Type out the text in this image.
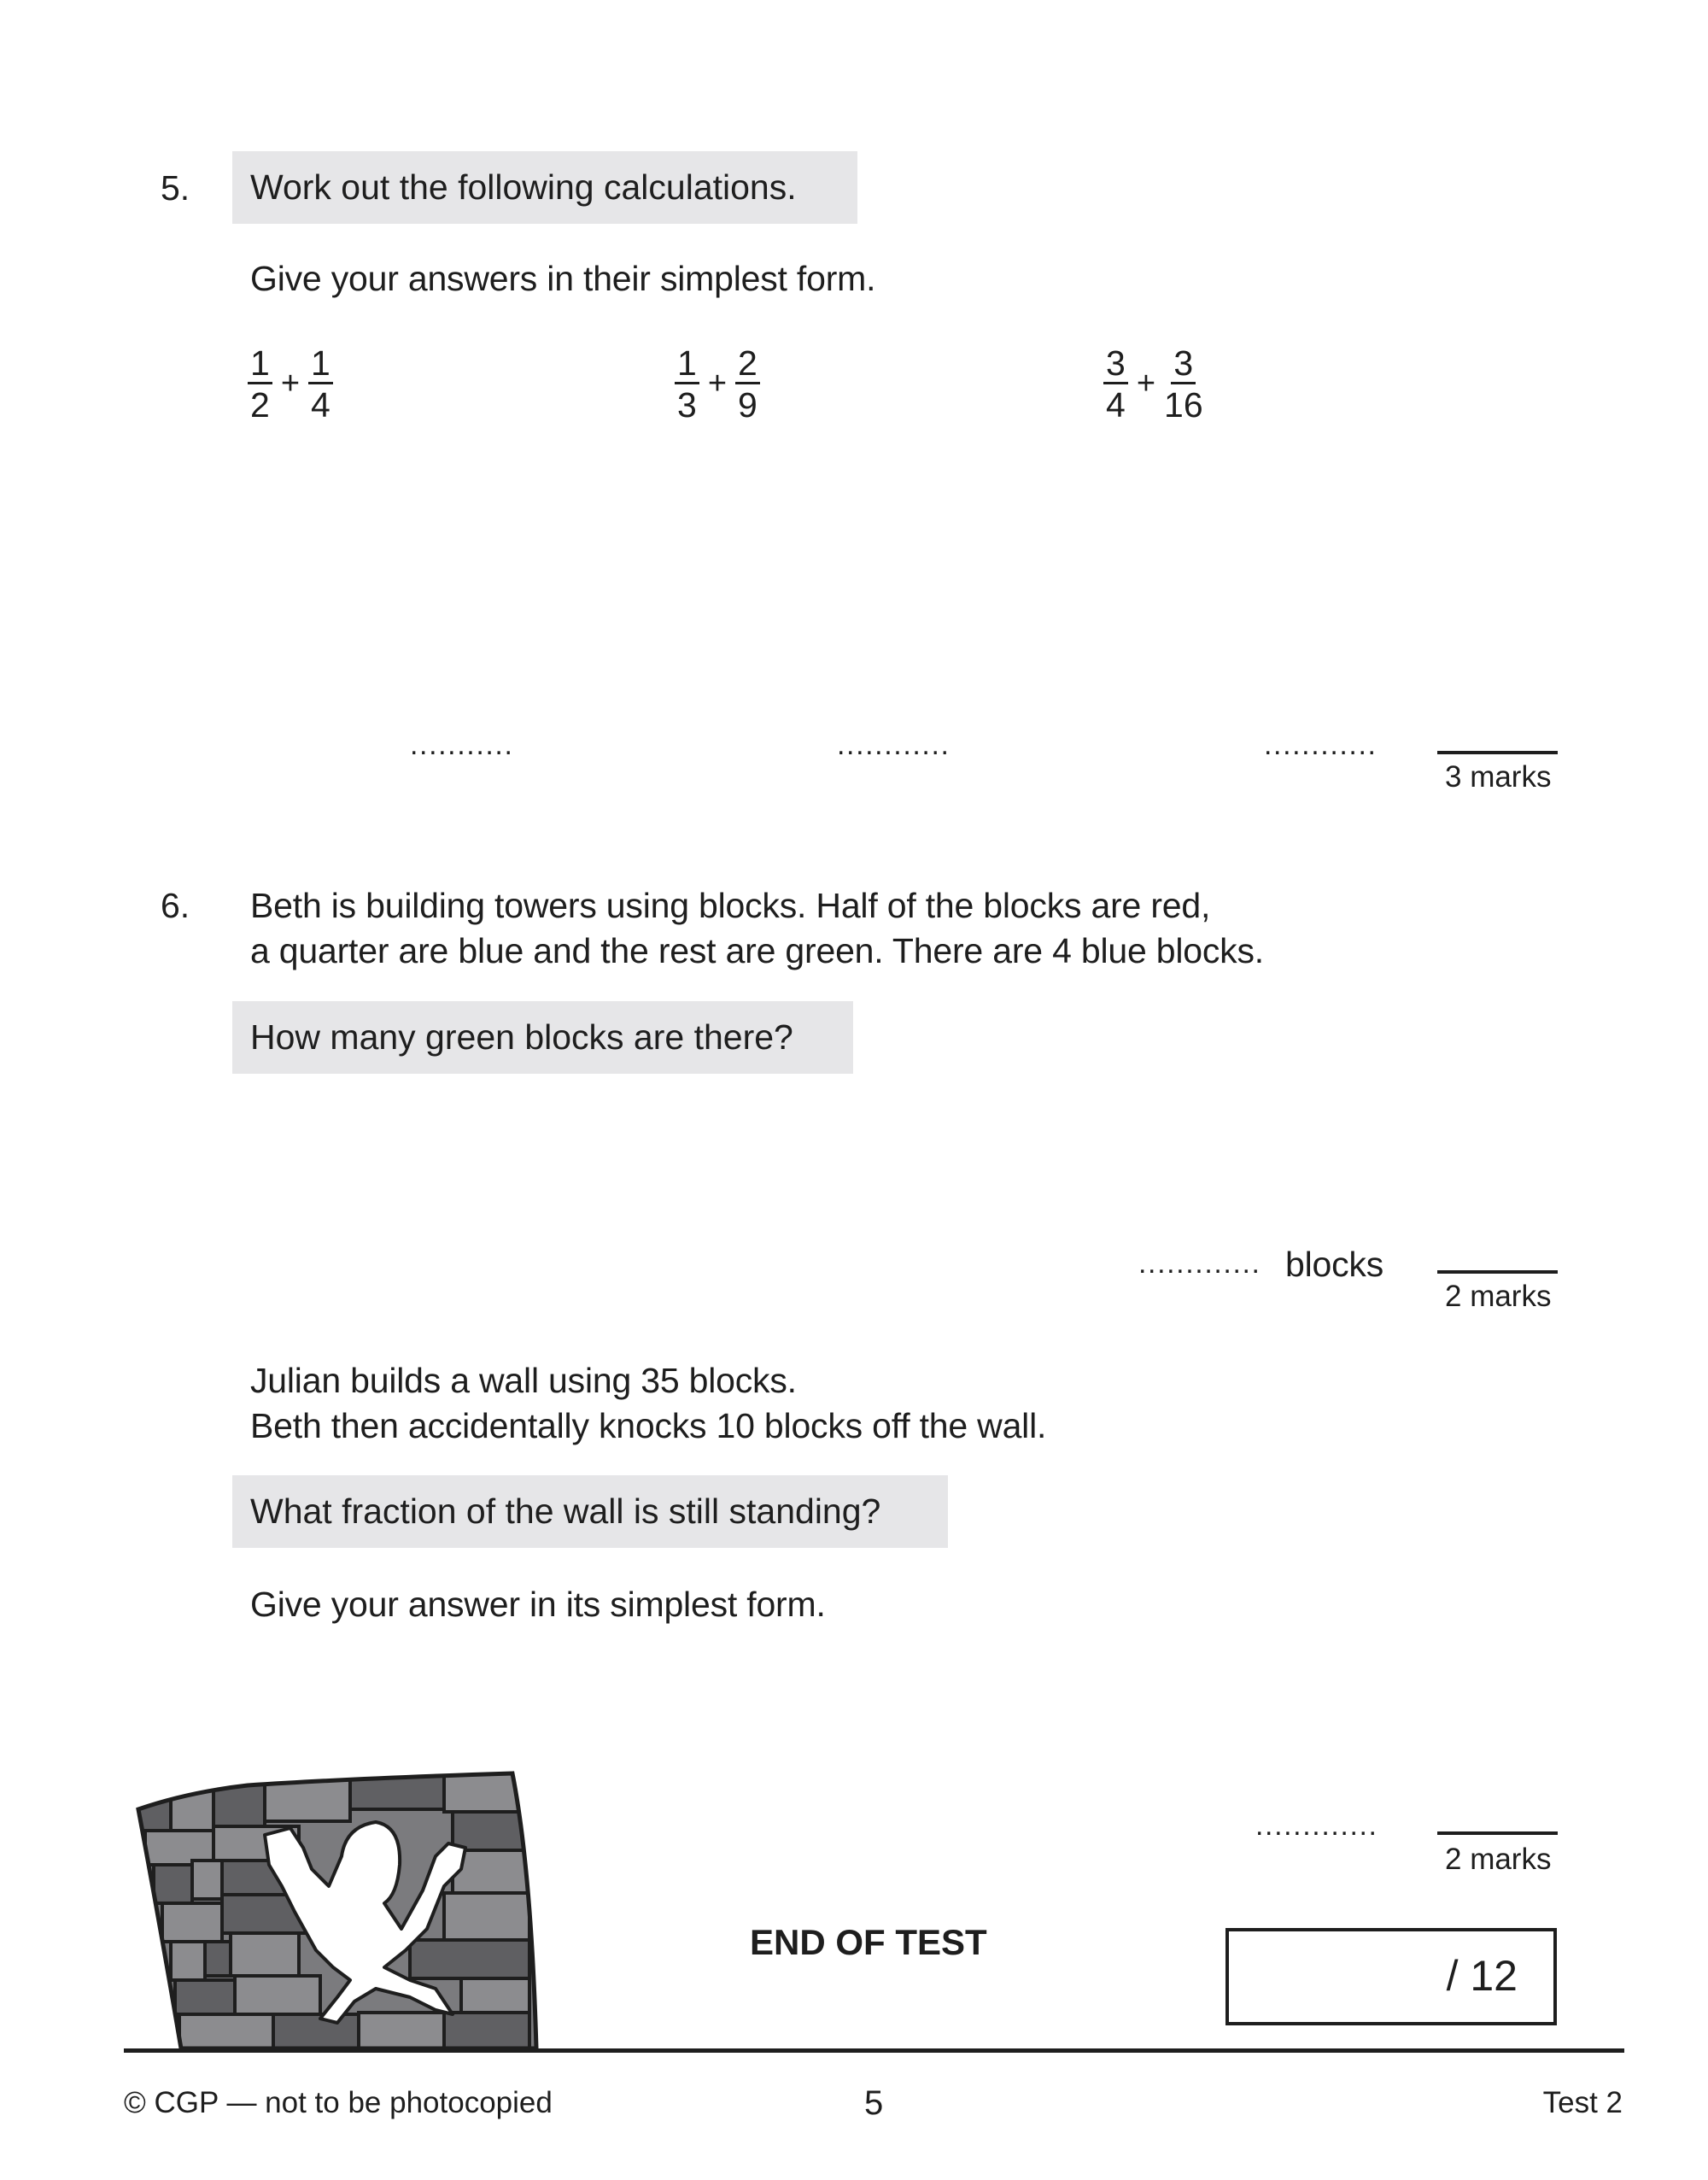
5. Work out the following calculations.
Give your answers in their simplest form.
$\frac{1}{2} + \frac{1}{4}$	$\frac{1}{3} + \frac{2}{9}$	$\frac{3}{4} + \frac{3}{16}$
...........	............	............
3 marks
6. Beth is building towers using blocks. Half of the blocks are red,
a quarter are blue and the rest are green. There are 4 blue blocks.
How many green blocks are there?
............. blocks
2 marks
Julian builds a wall using 35 blocks.
Beth then accidentally knocks 10 blocks off the wall.
What fraction of the wall is still standing?
Give your answer in its simplest form.
.............
2 marks
END OF TEST
/ 12
© CGP — not to be photocopied	5	Test 2
